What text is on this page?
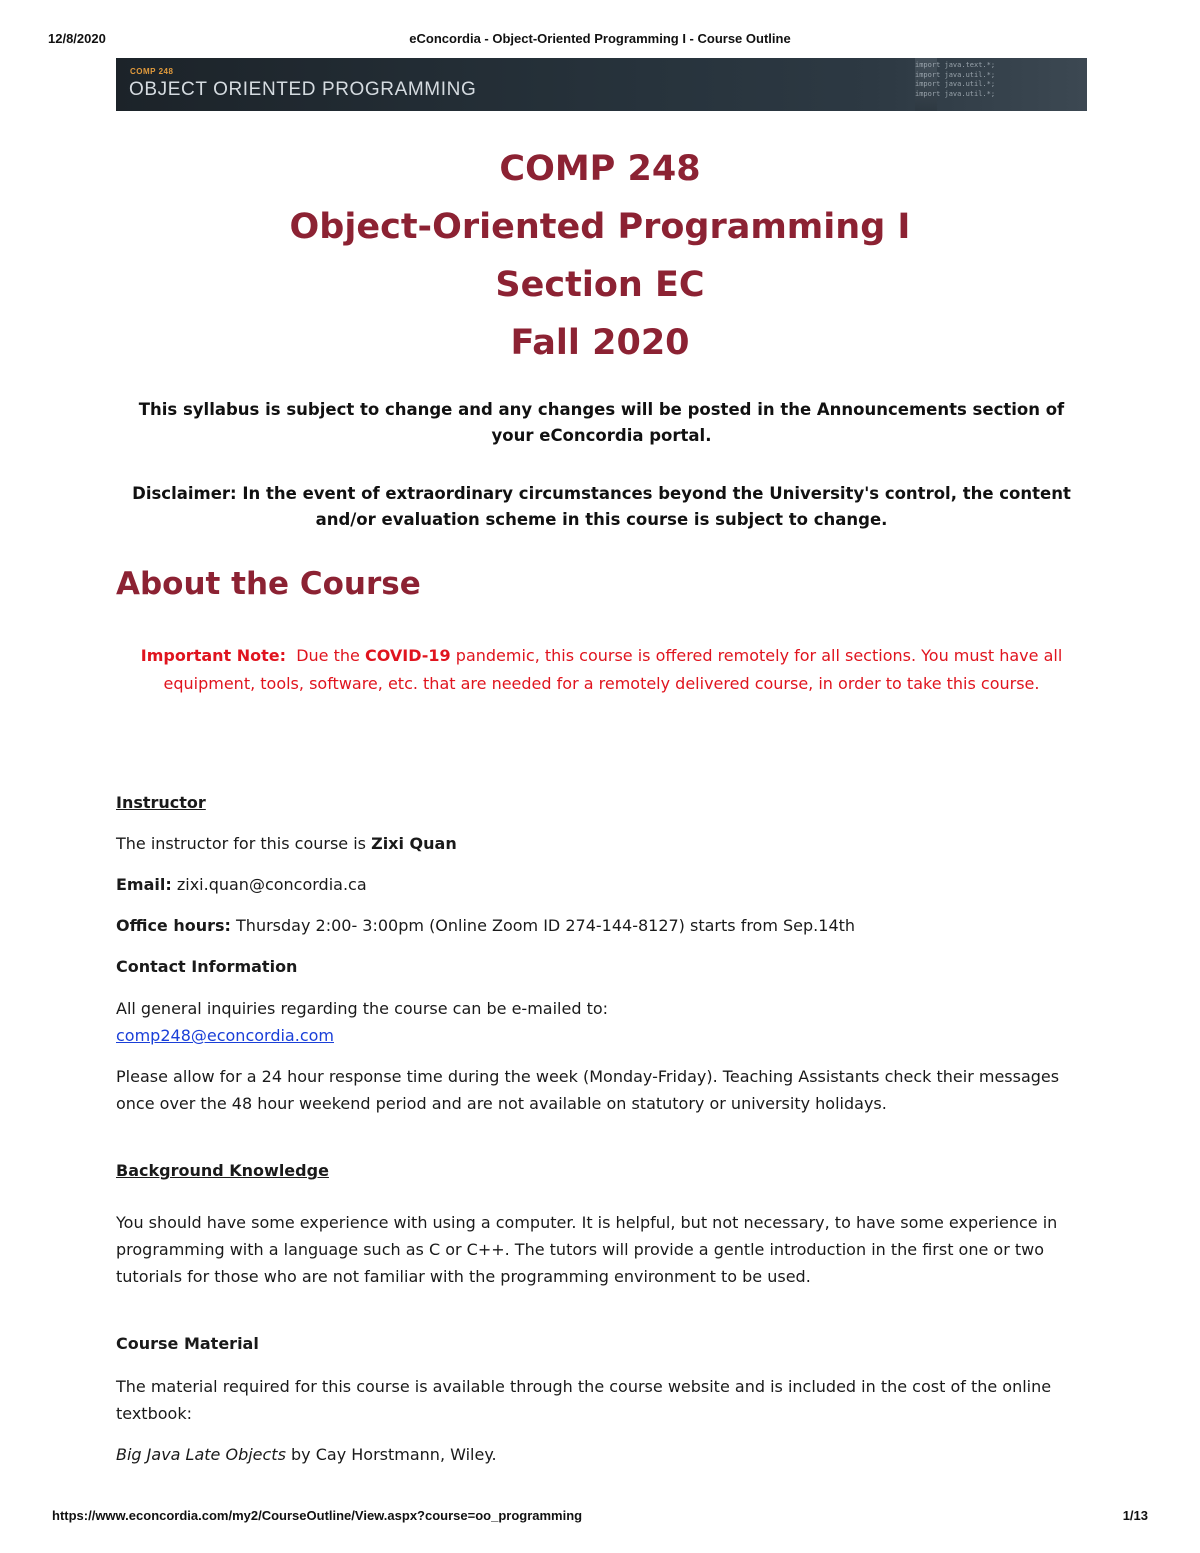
12/8/2020	eConcordia - Object-Oriented Programming I - Course Outline
COMP 248
OBJECT ORIENTED PROGRAMMING
import java.text.*;
import java.util.*;
import java.util.*;
import java.util.*;
COMP 248
Object-Oriented Programming I
Section EC
Fall 2020
This syllabus is subject to change and any changes will be posted in the Announcements section of your eConcordia portal.
Disclaimer: In the event of extraordinary circumstances beyond the University's control, the content and/or evaluation scheme in this course is subject to change.
About the Course
Important Note: Due the COVID-19 pandemic, this course is offered remotely for all sections. You must have all equipment, tools, software, etc. that are needed for a remotely delivered course, in order to take this course.
Instructor
The instructor for this course is Zixi Quan
Email: zixi.quan@concordia.ca
Office hours: Thursday 2:00- 3:00pm (Online Zoom ID 274-144-8127) starts from Sep.14th
Contact Information
All general inquiries regarding the course can be e-mailed to:
comp248@econcordia.com
Please allow for a 24 hour response time during the week (Monday-Friday). Teaching Assistants check their messages once over the 48 hour weekend period and are not available on statutory or university holidays.
Background Knowledge
You should have some experience with using a computer. It is helpful, but not necessary, to have some experience in programming with a language such as C or C++. The tutors will provide a gentle introduction in the first one or two tutorials for those who are not familiar with the programming environment to be used.
Course Material
The material required for this course is available through the course website and is included in the cost of the online textbook:
Big Java Late Objects by Cay Horstmann, Wiley.
https://www.econcordia.com/my2/CourseOutline/View.aspx?course=oo_programming	1/13
